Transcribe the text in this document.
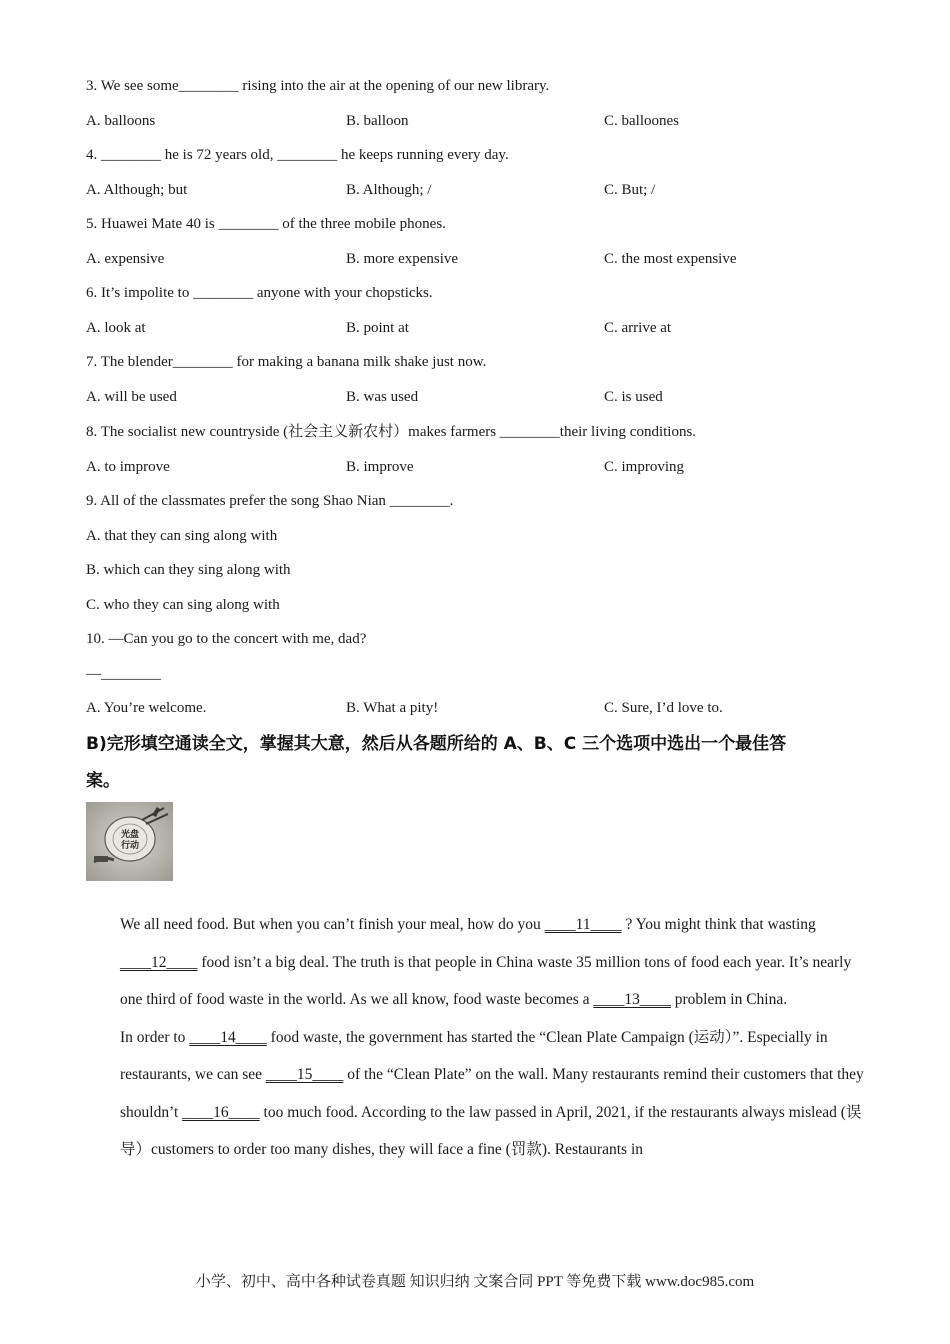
3. We see some________ rising into the air at the opening of our new library.
A. balloons	B. balloon	C. balloones
4. ________ he is 72 years old, ________ he keeps running every day.
A. Although; but	B. Although; /	C. But; /
5. Huawei Mate 40 is ________ of the three mobile phones.
A. expensive	B. more expensive	C. the most expensive
6. It’s impolite to ________ anyone with your chopsticks.
A. look at	B. point at	C. arrive at
7. The blender________ for making a banana milk shake just now.
A. will be used	B. was used	C. is used
8. The socialist new countryside (社会主义新农村）makes farmers ________their living conditions.
A. to improve	B. improve	C. improving
9. All of the classmates prefer the song Shao Nian ________.
A. that they can sing along with
B. which can they sing along with
C. who they can sing along with
10. —Can you go to the concert with me, dad?
—________
A. You’re welcome.	B. What a pity!	C. Sure, I’d love to.
B)完形填空通读全文，掌握其大意，然后从各题所给的 A、B、C 三个选项中选出一个最佳答
案。
光盘行动

We all need food. But when you can’t finish your meal, how do you ____11____ ? You might think that wasting ____12____ food isn’t a big deal. The truth is that people in China waste 35 million tons of food each year. It’s nearly one third of food waste in the world. As we all know, food waste becomes a ____13____ problem in China.

In order to ____14____ food waste, the government has started the “Clean Plate Campaign (运动）”. Especially in restaurants, we can see ____15____ of the “Clean Plate” on the wall. Many restaurants remind their customers that they shouldn’t ____16____ too much food. According to the law passed in April, 2021, if the restaurants always mislead (误导）customers to order too many dishes, they will face a fine (罚款). Restaurants in

小学、初中、高中各种试卷真题 知识归纳 文案合同 PPT 等免费下载 www.doc985.com
